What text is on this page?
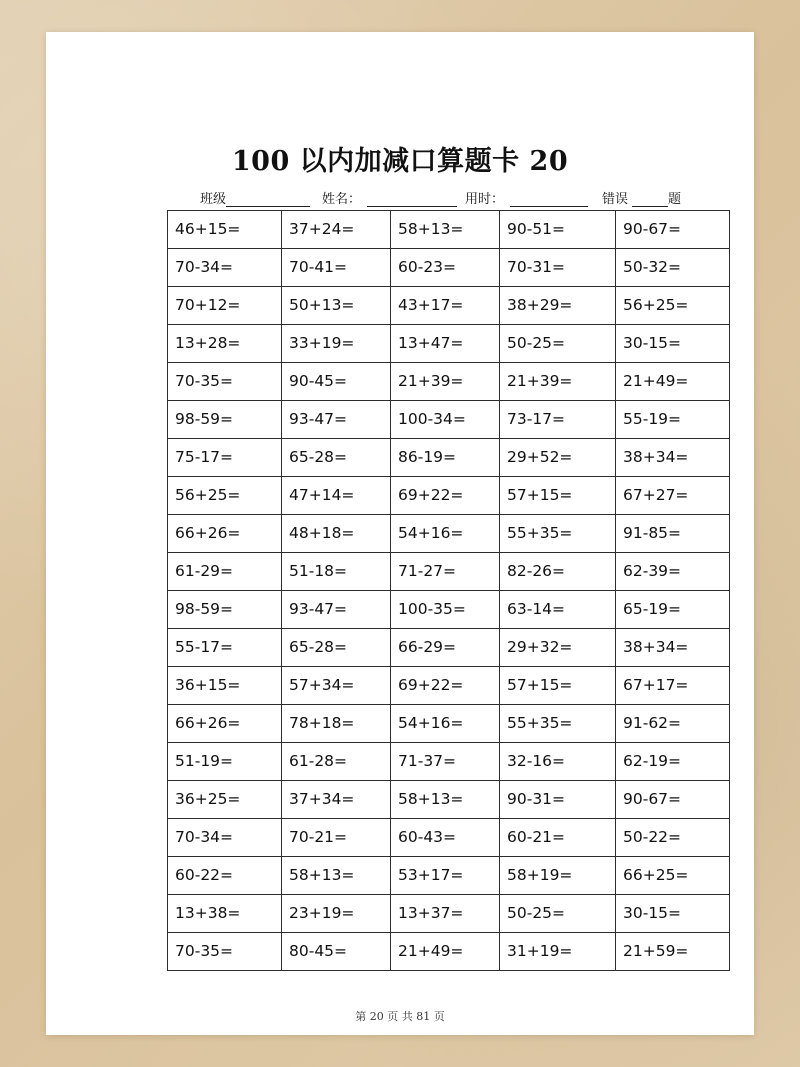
100 以内加减口算题卡 20
班级	姓名：	用时：	错误	题
46+15=	37+24=	58+13=	90-51=	90-67=
70-34=	70-41=	60-23=	70-31=	50-32=
70+12=	50+13=	43+17=	38+29=	56+25=
13+28=	33+19=	13+47=	50-25=	30-15=
70-35=	90-45=	21+39=	21+39=	21+49=
98-59=	93-47=	100-34=	73-17=	55-19=
75-17=	65-28=	86-19=	29+52=	38+34=
56+25=	47+14=	69+22=	57+15=	67+27=
66+26=	48+18=	54+16=	55+35=	91-85=
61-29=	51-18=	71-27=	82-26=	62-39=
98-59=	93-47=	100-35=	63-14=	65-19=
55-17=	65-28=	66-29=	29+32=	38+34=
36+15=	57+34=	69+22=	57+15=	67+17=
66+26=	78+18=	54+16=	55+35=	91-62=
51-19=	61-28=	71-37=	32-16=	62-19=
36+25=	37+34=	58+13=	90-31=	90-67=
70-34=	70-21=	60-43=	60-21=	50-22=
60-22=	58+13=	53+17=	58+19=	66+25=
13+38=	23+19=	13+37=	50-25=	30-15=
70-35=	80-45=	21+49=	31+19=	21+59=
第 20 页 共 81 页
